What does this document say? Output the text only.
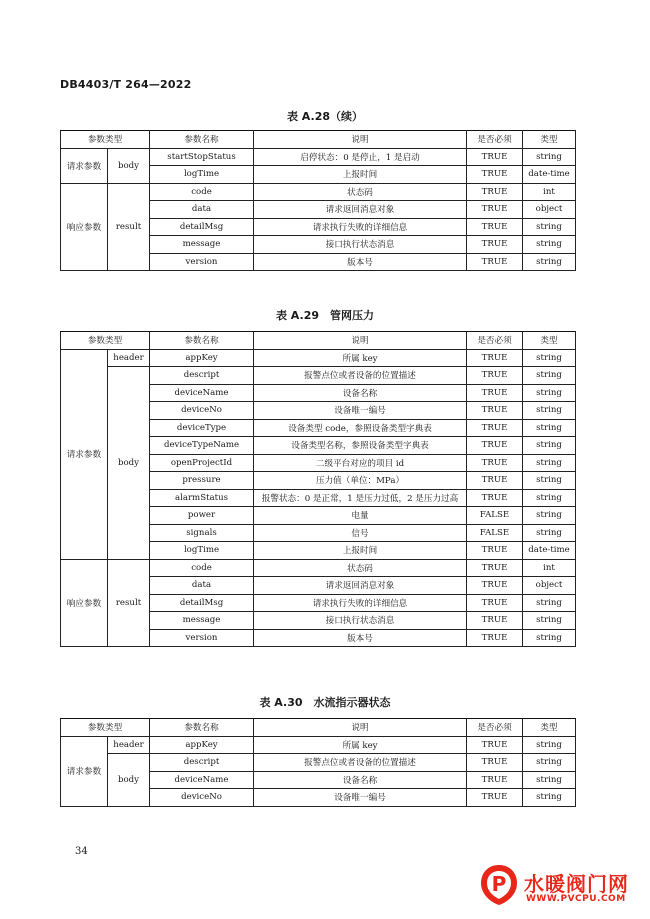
DB4403/T 264—2022
表 A.28（续）
参数类型		参数名称	说明	是否必须	类型
请求参数	body	startStopStatus	启停状态：0 是停止，1 是启动	TRUE	string
		logTime	上报时间	TRUE	date-time
响应参数	result	code	状态码	TRUE	int
		data	请求返回消息对象	TRUE	object
		detailMsg	请求执行失败的详细信息	TRUE	string
		message	接口执行状态消息	TRUE	string
		version	版本号	TRUE	string
表 A.29　管网压力
参数类型		参数名称	说明	是否必须	类型
请求参数	header	appKey	所属 key	TRUE	string
	body	descript	报警点位或者设备的位置描述	TRUE	string
		deviceName	设备名称	TRUE	string
		deviceNo	设备唯一编号	TRUE	string
		deviceType	设备类型 code，参照设备类型字典表	TRUE	string
		deviceTypeName	设备类型名称，参照设备类型字典表	TRUE	string
		openProjectId	二级平台对应的项目 id	TRUE	string
		pressure	压力值（单位：MPa）	TRUE	string
		alarmStatus	报警状态：0 是正常，1 是压力过低，2 是压力过高	TRUE	string
		power	电量	FALSE	string
		signals	信号	FALSE	string
		logTime	上报时间	TRUE	date-time
响应参数	result	code	状态码	TRUE	int
		data	请求返回消息对象	TRUE	object
		detailMsg	请求执行失败的详细信息	TRUE	string
		message	接口执行状态消息	TRUE	string
		version	版本号	TRUE	string
表 A.30　水流指示器状态
参数类型		参数名称	说明	是否必须	类型
请求参数	header	appKey	所属 key	TRUE	string
	body	descript	报警点位或者设备的位置描述	TRUE	string
		deviceName	设备名称	TRUE	string
		deviceNo	设备唯一编号	TRUE	string
34
P 水暖阀门网
WWW.PVCPU.COM
